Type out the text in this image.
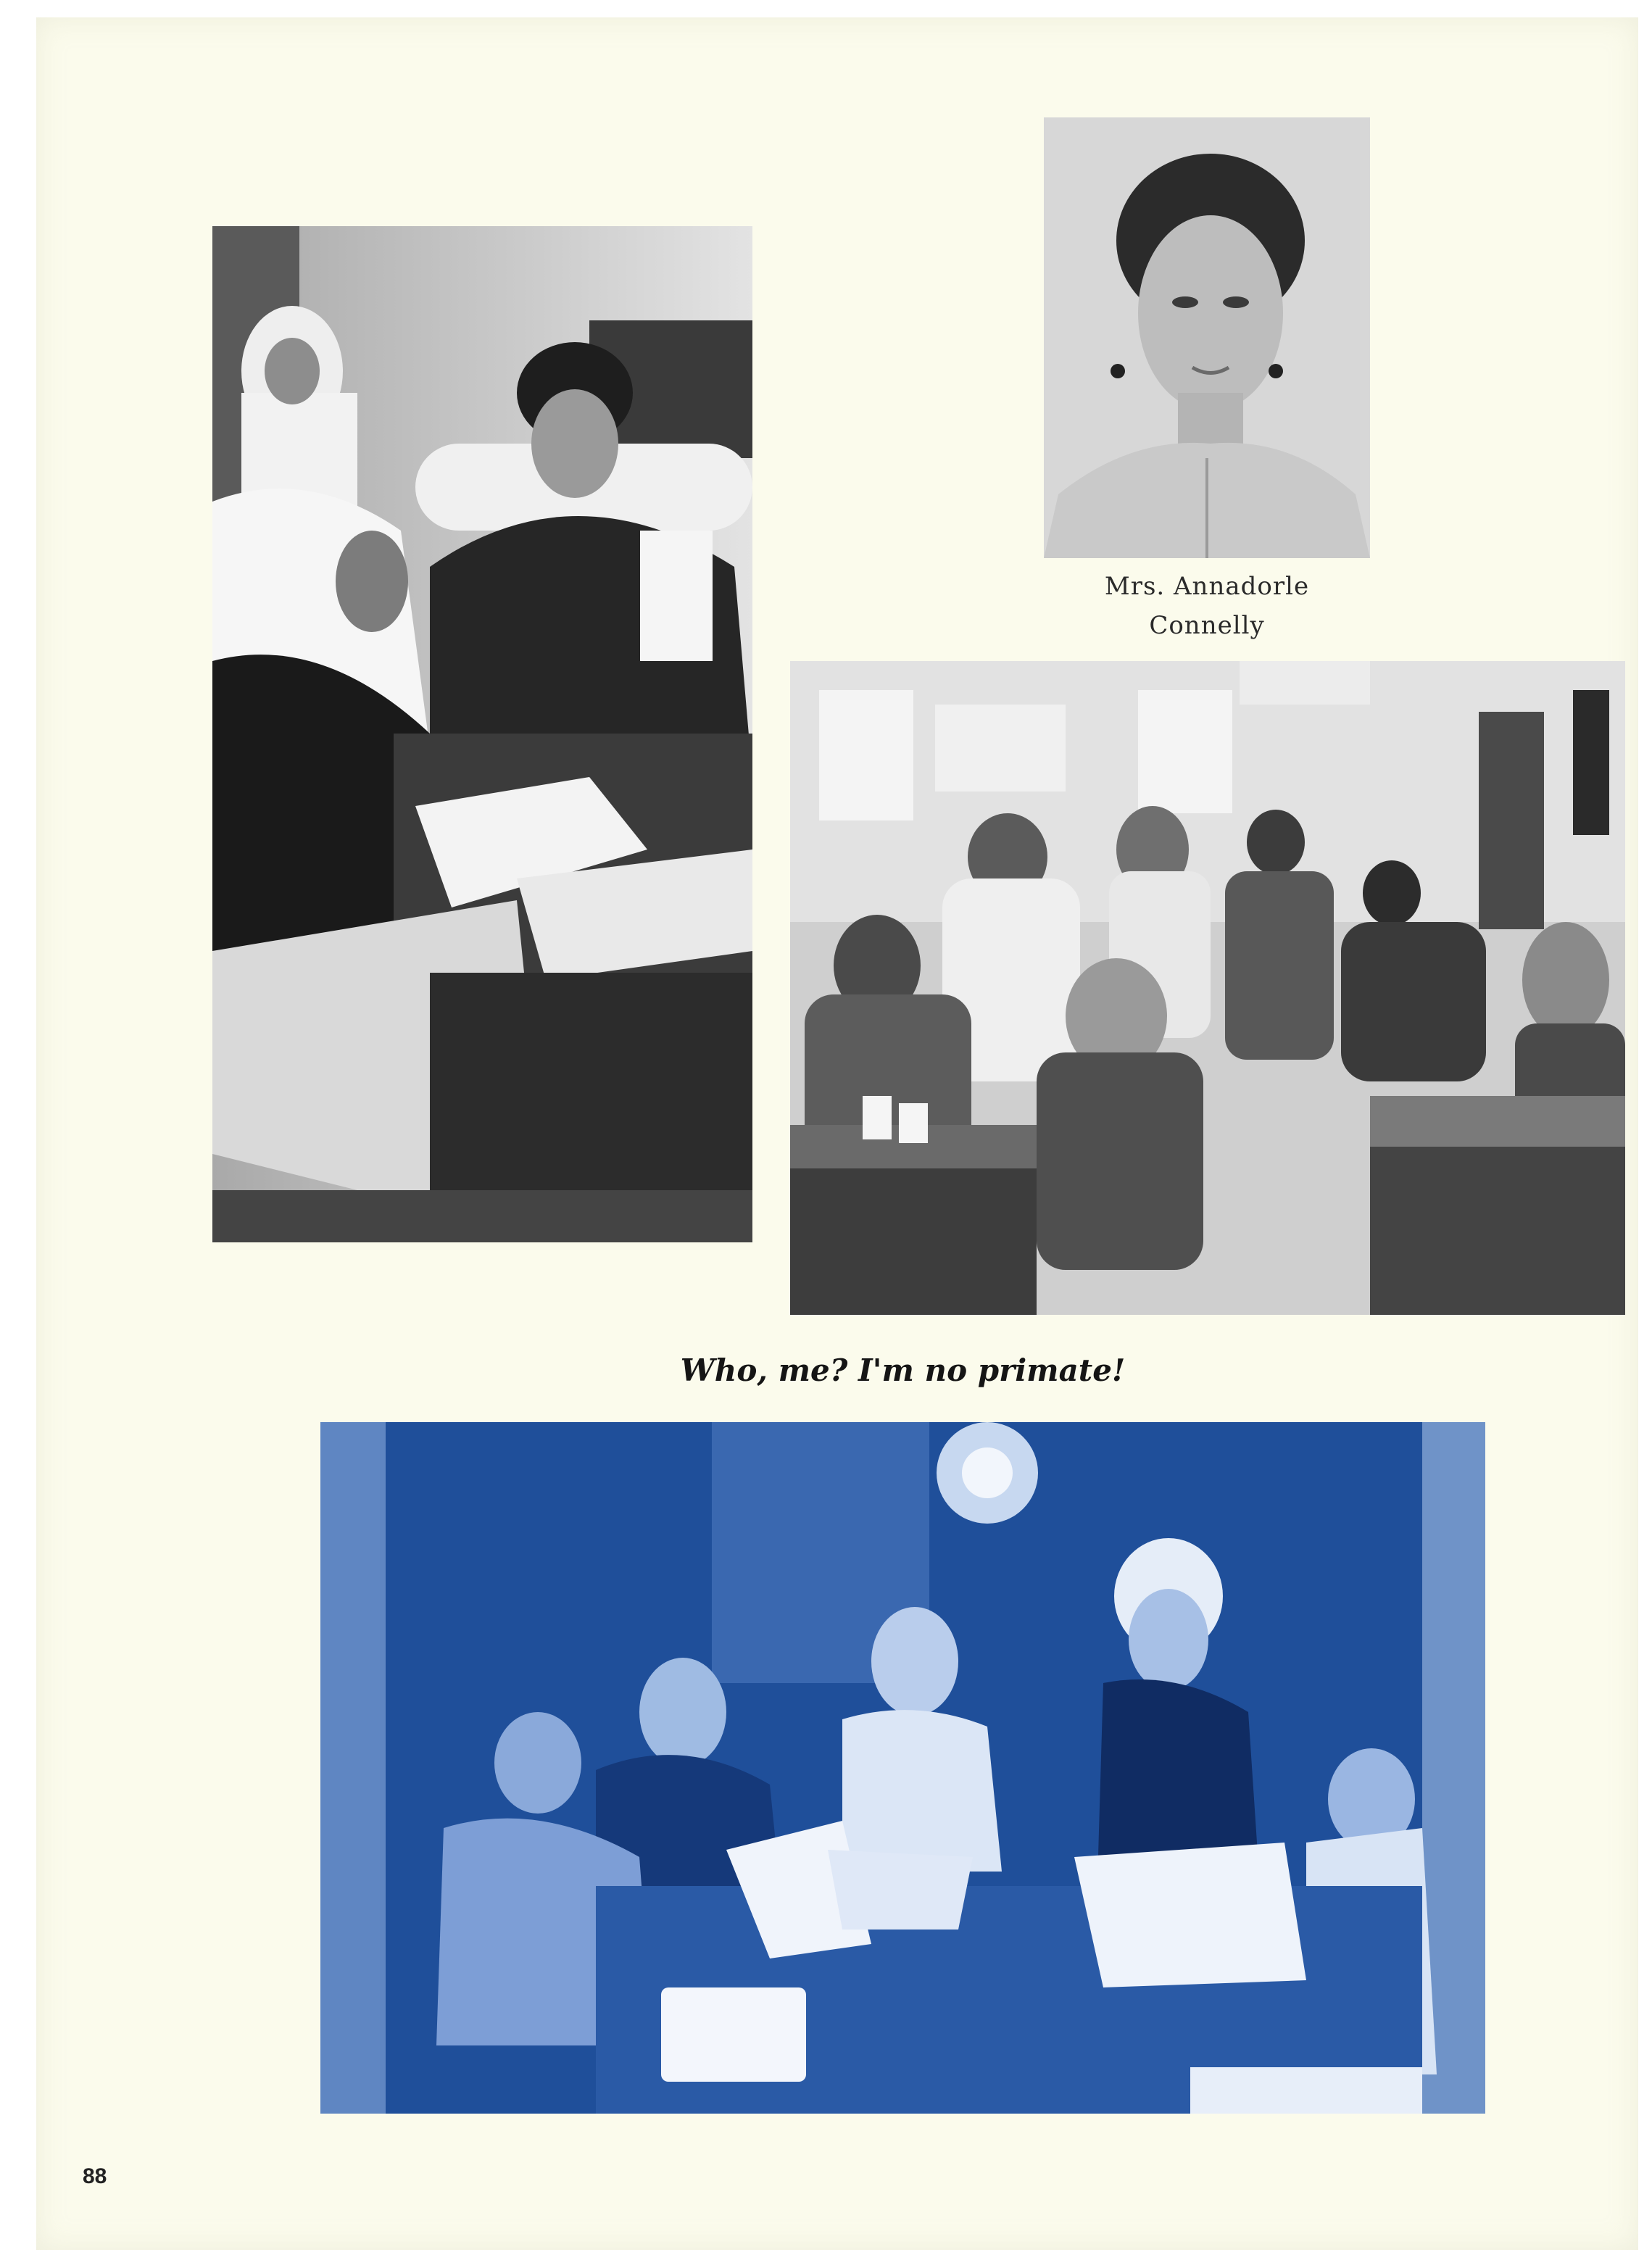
Mrs. Annadorle
Connelly
Who, me? I'm no primate!
88
